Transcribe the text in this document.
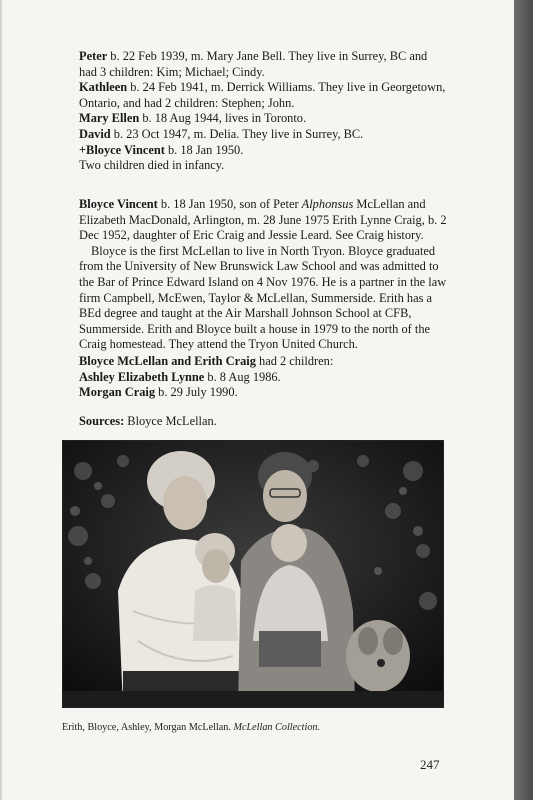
Peter b. 22 Feb 1939, m. Mary Jane Bell. They live in Surrey, BC and had 3 children: Kim; Michael; Cindy.

Kathleen b. 24 Feb 1941, m. Derrick Williams. They live in Georgetown, Ontario, and had 2 children: Stephen; John.

Mary Ellen b. 18 Aug 1944, lives in Toronto.

David b. 23 Oct 1947, m. Delia. They live in Surrey, BC.

+Bloyce Vincent b. 18 Jan 1950.

Two children died in infancy.

Bloyce Vincent b. 18 Jan 1950, son of Peter Alphonsus McLellan and Elizabeth MacDonald, Arlington, m. 28 June 1975 Erith Lynne Craig, b. 2 Dec 1952, daughter of Eric Craig and Jessie Leard. See Craig history.

Bloyce is the first McLellan to live in North Tryon. Bloyce graduated from the University of New Brunswick Law School and was admitted to the Bar of Prince Edward Island on 4 Nov 1976. He is a partner in the law firm Campbell, McEwen, Taylor & McLellan, Summerside. Erith has a BEd degree and taught at the Air Marshall Johnson School at CFB, Summerside. Erith and Bloyce built a house in 1979 to the north of the Craig homestead. They attend the Tryon United Church.

Bloyce McLellan and Erith Craig had 2 children:

Ashley Elizabeth Lynne b. 8 Aug 1986.

Morgan Craig b. 29 July 1990.

Sources: Bloyce McLellan.

Erith, Bloyce, Ashley, Morgan McLellan. McLellan Collection.
247
